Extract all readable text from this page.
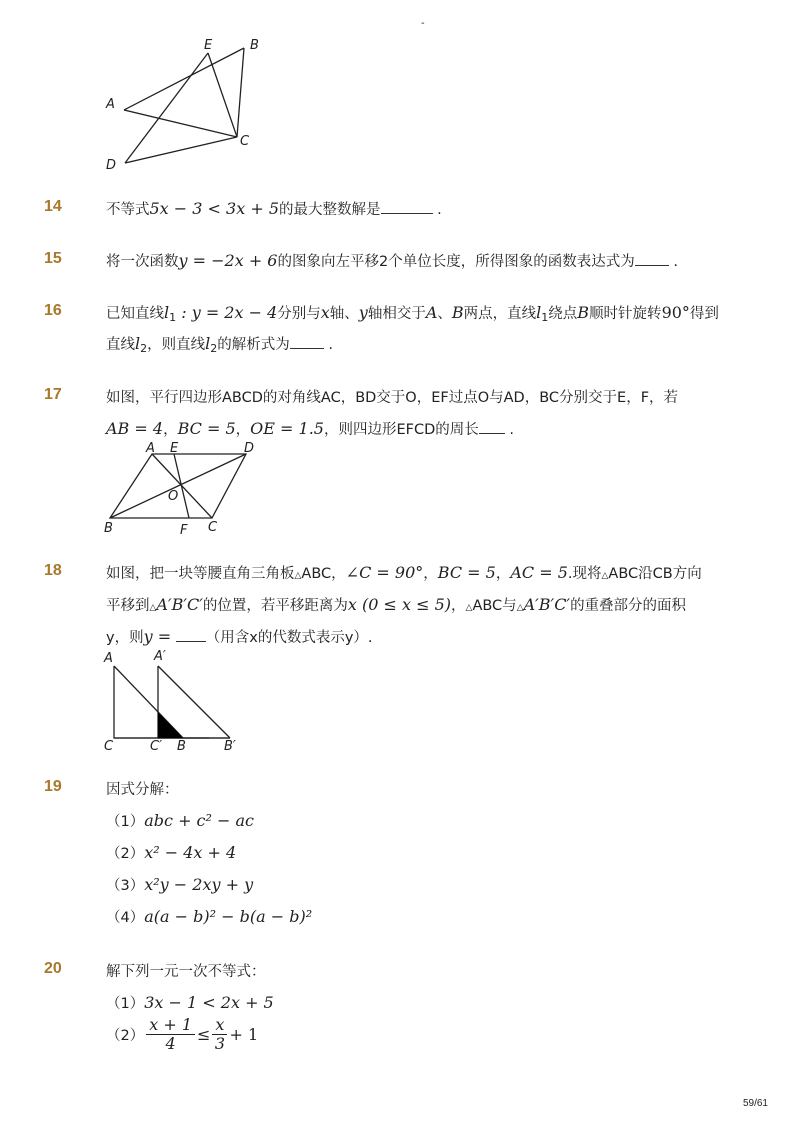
-
E	B
A
C
D
14	不等式5x − 3 < 3x + 5的最大整数解是	.
15	将一次函数y = −2x + 6的图象向左平移2个单位长度，所得图象的函数表达式为	.
16	已知直线$l_1$ : y = 2x − 4分别与x轴、y轴相交于A、B两点，直线$l_1$绕点B顺时针旋转90°得到
直线$l_2$，则直线$l_2$的解析式为	.
17	如图，平行四边形ABCD的对角线AC，BD交于O，EF过点O与AD，BC分别交于E，F，若
AB = 4，BC = 5，OE = 1.5，则四边形EFCD的周长 .
A E	D
O
B	F C
18	如图，把一块等腰直角三角板△ABC，∠C = 90°，BC = 5，AC = 5.现将△ABC沿CB方向
平移到△A′B′C′的位置，若平移距离为x (0 ≤ x ≤ 5)，△ABC与△A′B′C′的重叠部分的面积
y，则y = （用含x的代数式表示y）.
A	A′
C	C′ B	B′
19	因式分解：
（1）abc + c² − ac
（2）x² − 4x + 4
（3）x²y − 2xy + y
（4）a(a − b)² − b(a − b)²
20	解下列一元一次不等式：
（1）3x − 1 < 2x + 5
$(2) \frac{x + 1}{4} \le \frac{x}{3} + 1$
59/61
